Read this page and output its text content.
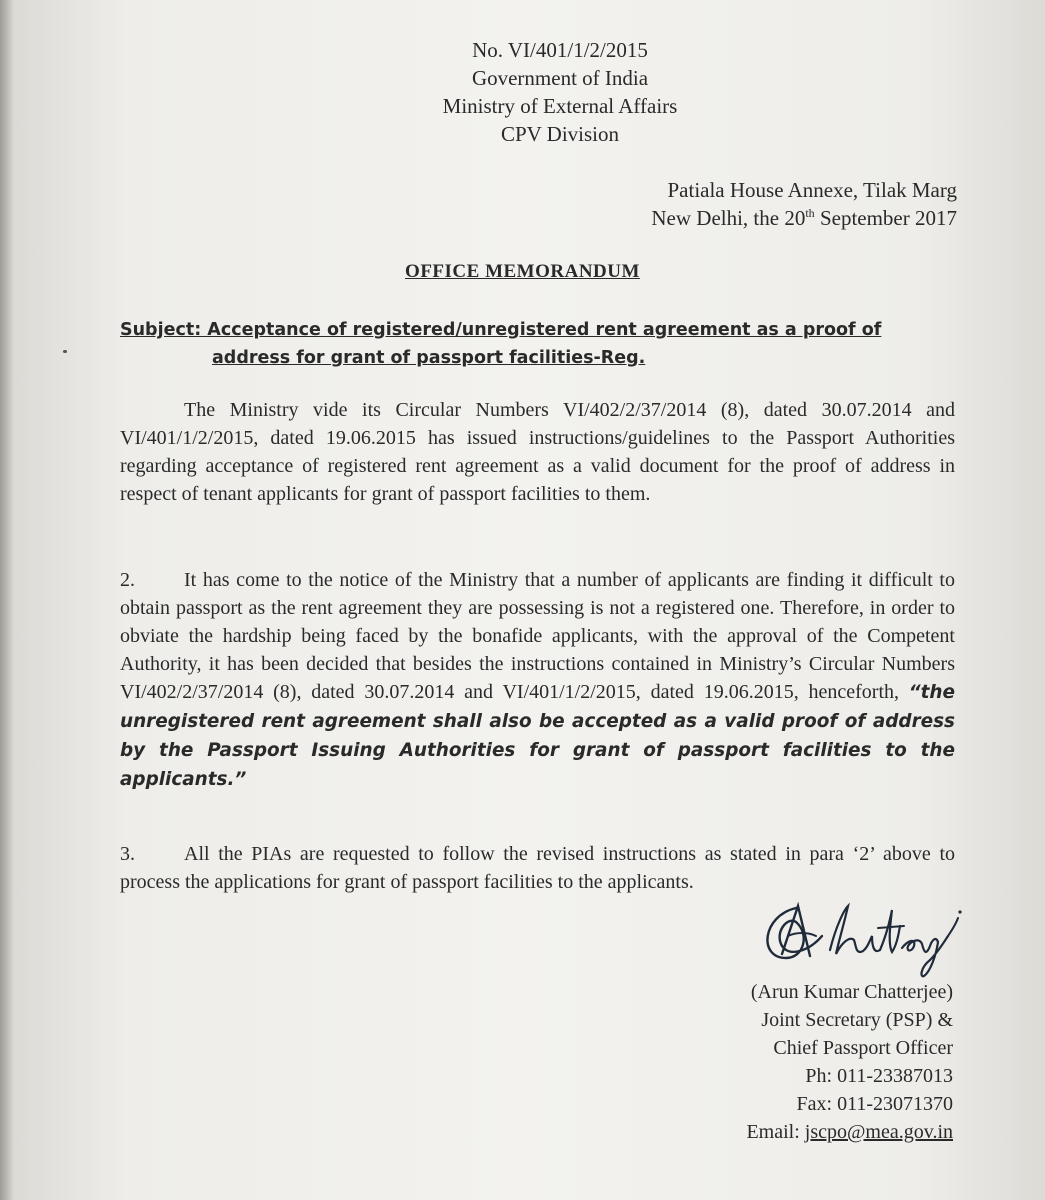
No. VI/401/1/2/2015
Government of India
Ministry of External Affairs
CPV Division
Patiala House Annexe, Tilak Marg
New Delhi, the 20th September 2017
OFFICE MEMORANDUM
Subject: Acceptance of registered/unregistered rent agreement as a proof of
address for grant of passport facilities-Reg.
The Ministry vide its Circular Numbers VI/402/2/37/2014 (8), dated 30.07.2014 and VI/401/1/2/2015, dated 19.06.2015 has issued instructions/guidelines to the Passport Authorities regarding acceptance of registered rent agreement as a valid document for the proof of address in respect of tenant applicants for grant of passport facilities to them.
2. It has come to the notice of the Ministry that a number of applicants are finding it difficult to obtain passport as the rent agreement they are possessing is not a registered one. Therefore, in order to obviate the hardship being faced by the bonafide applicants, with the approval of the Competent Authority, it has been decided that besides the instructions contained in Ministry’s Circular Numbers VI/402/2/37/2014 (8), dated 30.07.2014 and VI/401/1/2/2015, dated 19.06.2015, henceforth, “the unregistered rent agreement shall also be accepted as a valid proof of address by the Passport Issuing Authorities for grant of passport facilities to the applicants.”
3. All the PIAs are requested to follow the revised instructions as stated in para ‘2’ above to process the applications for grant of passport facilities to the applicants.
(Arun Kumar Chatterjee)
Joint Secretary (PSP) &
Chief Passport Officer
Ph: 011-23387013
Fax: 011-23071370
Email: jscpo@mea.gov.in
